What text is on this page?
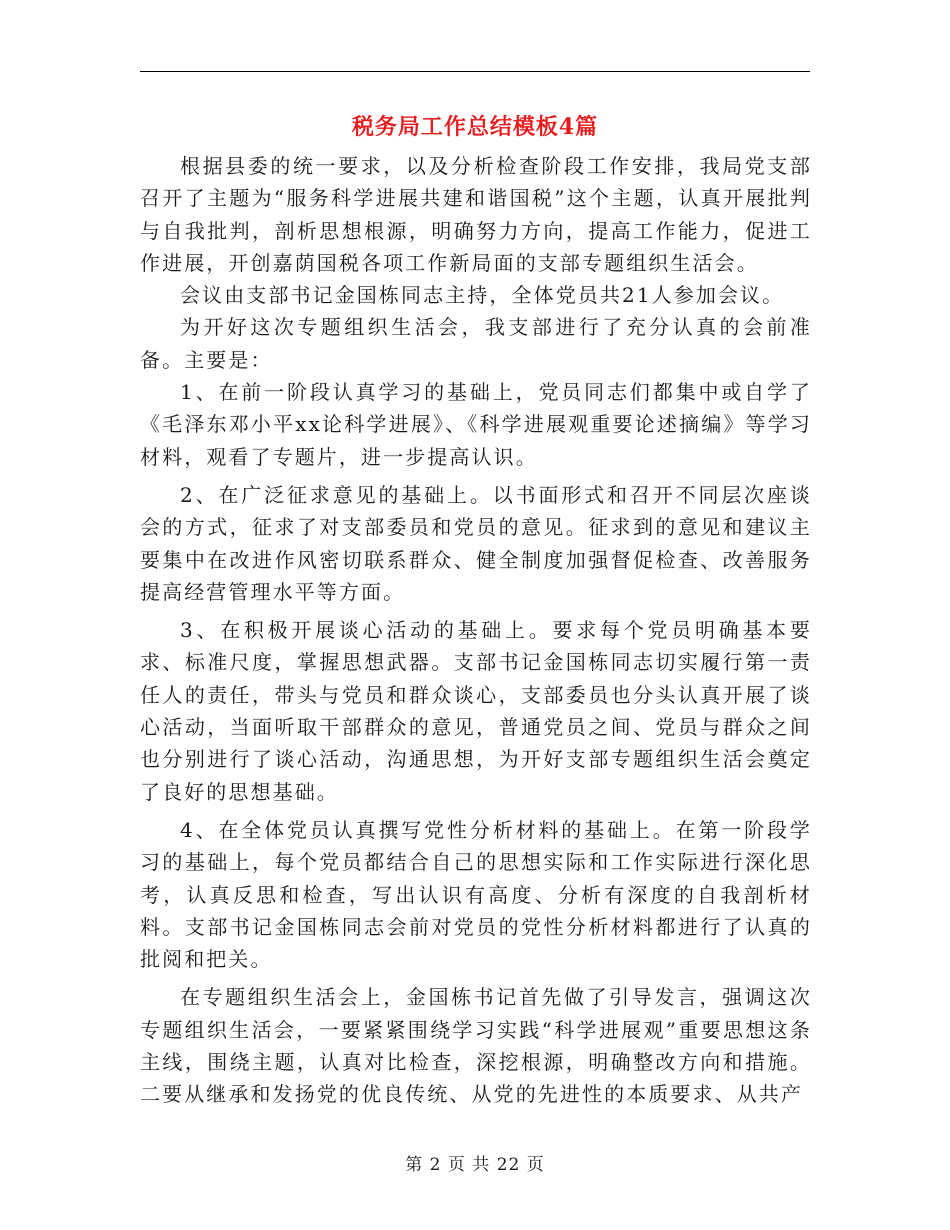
税务局工作总结模板4篇

根据县委的统一要求，以及分析检查阶段工作安排，我局党支部召开了主题为“服务科学进展共建和谐国税”这个主题，认真开展批判与自我批判，剖析思想根源，明确努力方向，提高工作能力，促进工作进展，开创嘉荫国税各项工作新局面的支部专题组织生活会。

会议由支部书记金国栋同志主持，全体党员共21人参加会议。

为开好这次专题组织生活会，我支部进行了充分认真的会前准备。主要是：

1、在前一阶段认真学习的基础上，党员同志们都集中或自学了《毛泽东邓小平xx论科学进展》、《科学进展观重要论述摘编》等学习材料，观看了专题片，进一步提高认识。

2、在广泛征求意见的基础上。以书面形式和召开不同层次座谈会的方式，征求了对支部委员和党员的意见。征求到的意见和建议主要集中在改进作风密切联系群众、健全制度加强督促检查、改善服务提高经营管理水平等方面。

3、在积极开展谈心活动的基础上。要求每个党员明确基本要求、标准尺度，掌握思想武器。支部书记金国栋同志切实履行第一责任人的责任，带头与党员和群众谈心，支部委员也分头认真开展了谈心活动，当面听取干部群众的意见，普通党员之间、党员与群众之间也分别进行了谈心活动，沟通思想，为开好支部专题组织生活会奠定了良好的思想基础。

4、在全体党员认真撰写党性分析材料的基础上。在第一阶段学习的基础上，每个党员都结合自己的思想实际和工作实际进行深化思考，认真反思和检查，写出认识有高度、分析有深度的自我剖析材料。支部书记金国栋同志会前对党员的党性分析材料都进行了认真的批阅和把关。

在专题组织生活会上，金国栋书记首先做了引导发言，强调这次专题组织生活会，一要紧紧围绕学习实践“科学进展观”重要思想这条主线，围绕主题，认真对比检查，深挖根源，明确整改方向和措施。二要从继承和发扬党的优良传统、从党的先进性的本质要求、从共产

第 2 页 共 22 页
